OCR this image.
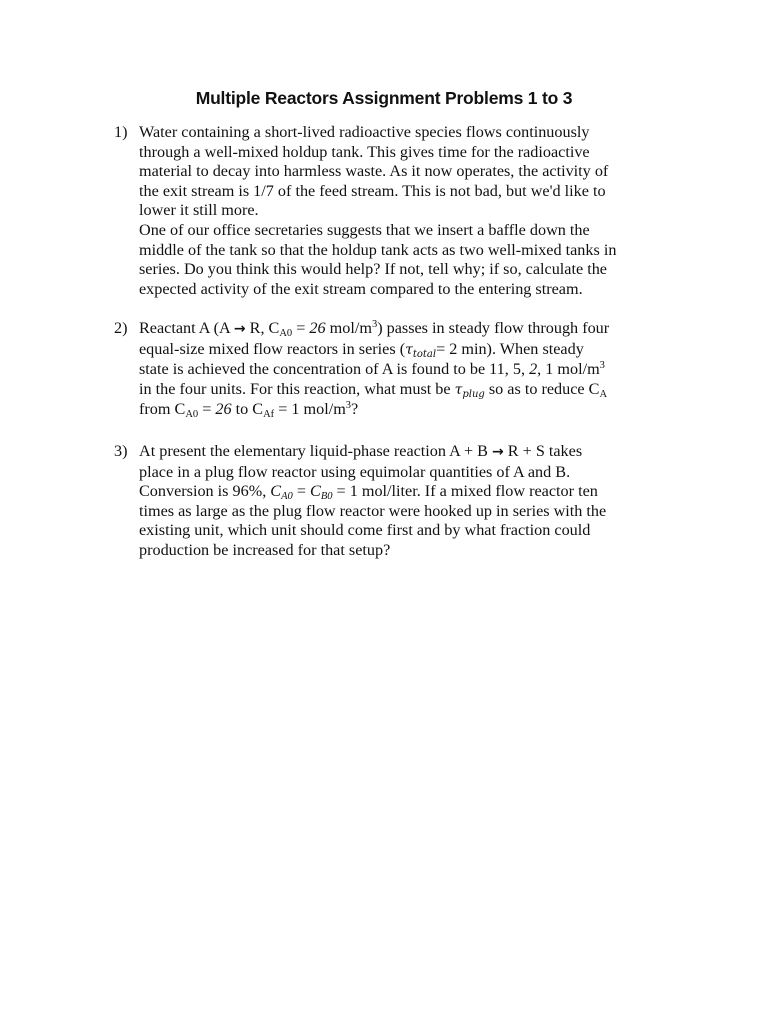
Multiple Reactors Assignment Problems 1 to 3
1) Water containing a short-lived radioactive species flows continuously
through a well-mixed holdup tank. This gives time for the radioactive
material to decay into harmless waste. As it now operates, the activity of
the exit stream is 1/7 of the feed stream. This is not bad, but we'd like to
lower it still more.
One of our office secretaries suggests that we insert a baffle down the
middle of the tank so that the holdup tank acts as two well-mixed tanks in
series. Do you think this would help? If not, tell why; if so, calculate the
expected activity of the exit stream compared to the entering stream.
2) Reactant A (A → R, $C_{A0} = 26$ mol/$m^3$) passes in steady flow through four
equal-size mixed flow reactors in series ($\tau_{total}= 2$ min). When steady
state is achieved the concentration of A is found to be 11, 5, 2, 1 mol/$m^3$
in the four units. For this reaction, what must be $\tau_{plug}$ so as to reduce $C_A$
from $C_{A0} = 26$ to $C_{Af} = 1$ mol/$m^3$?
3) At present the elementary liquid-phase reaction A + B → R + S takes
place in a plug flow reactor using equimolar quantities of A and B.
Conversion is 96%, $C_{A0} = C_{B0} = 1$ mol/liter. If a mixed flow reactor ten
times as large as the plug flow reactor were hooked up in series with the
existing unit, which unit should come first and by what fraction could
production be increased for that setup?
